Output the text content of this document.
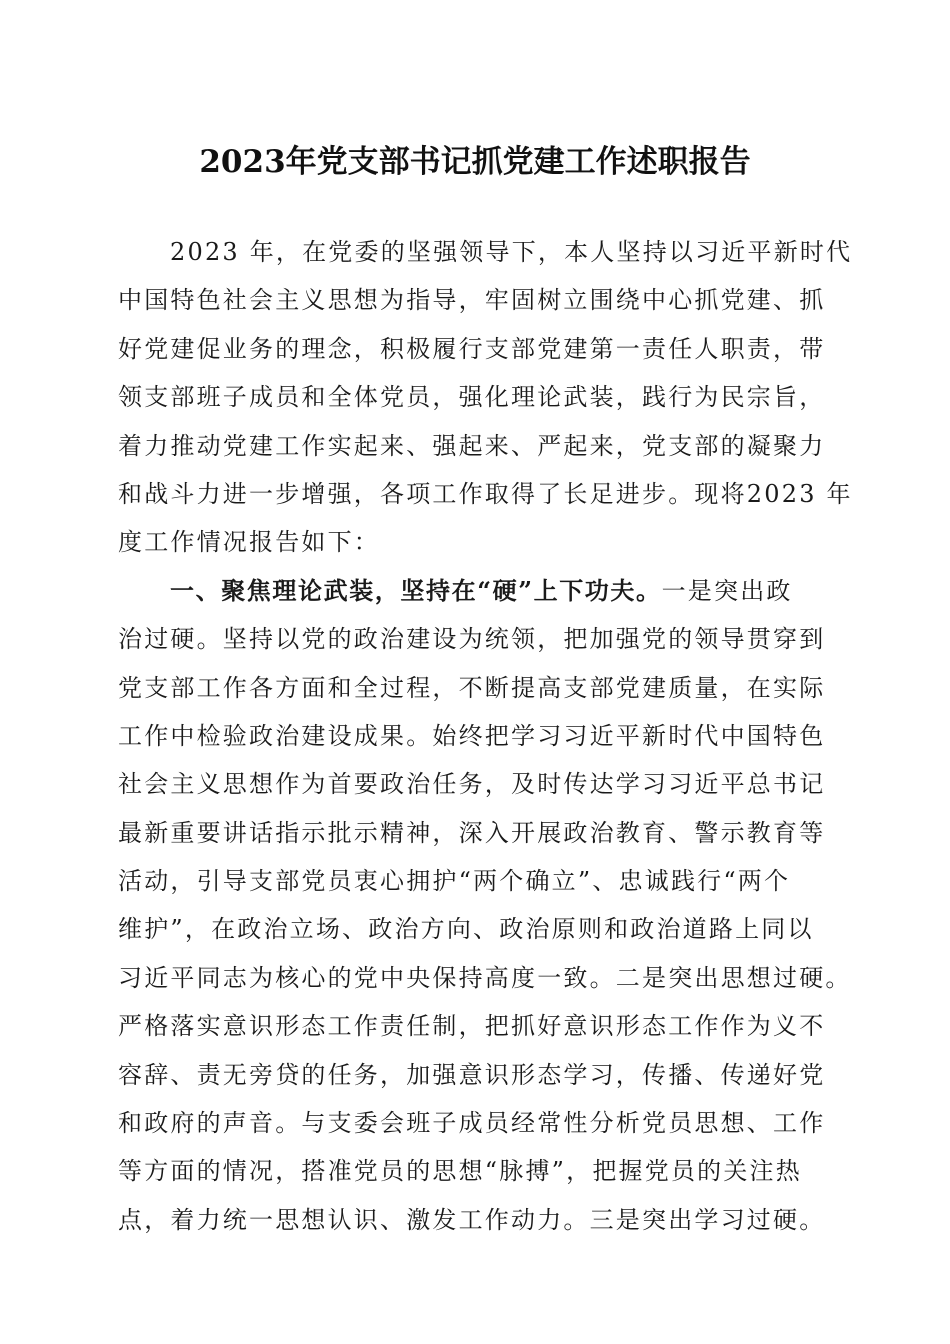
2023年党支部书记抓党建工作述职报告
2023 年，在党委的坚强领导下，本人坚持以习近平新时代
中国特色社会主义思想为指导，牢固树立围绕中心抓党建、抓
好党建促业务的理念，积极履行支部党建第一责任人职责，带
领支部班子成员和全体党员，强化理论武装，践行为民宗旨，
着力推动党建工作实起来、强起来、严起来，党支部的凝聚力
和战斗力进一步增强，各项工作取得了长足进步。现将2023 年
度工作情况报告如下：
一、聚焦理论武装，坚持在“硬”上下功夫。一是突出政
治过硬。坚持以党的政治建设为统领，把加强党的领导贯穿到
党支部工作各方面和全过程，不断提高支部党建质量，在实际
工作中检验政治建设成果。始终把学习习近平新时代中国特色
社会主义思想作为首要政治任务，及时传达学习习近平总书记
最新重要讲话指示批示精神，深入开展政治教育、警示教育等
活动，引导支部党员衷心拥护“两个确立”、忠诚践行“两个
维护”，在政治立场、政治方向、政治原则和政治道路上同以
习近平同志为核心的党中央保持高度一致。二是突出思想过硬。
严格落实意识形态工作责任制，把抓好意识形态工作作为义不
容辞、责无旁贷的任务，加强意识形态学习，传播、传递好党
和政府的声音。与支委会班子成员经常性分析党员思想、工作
等方面的情况，搭准党员的思想“脉搏”，把握党员的关注热
点，着力统一思想认识、激发工作动力。三是突出学习过硬。
